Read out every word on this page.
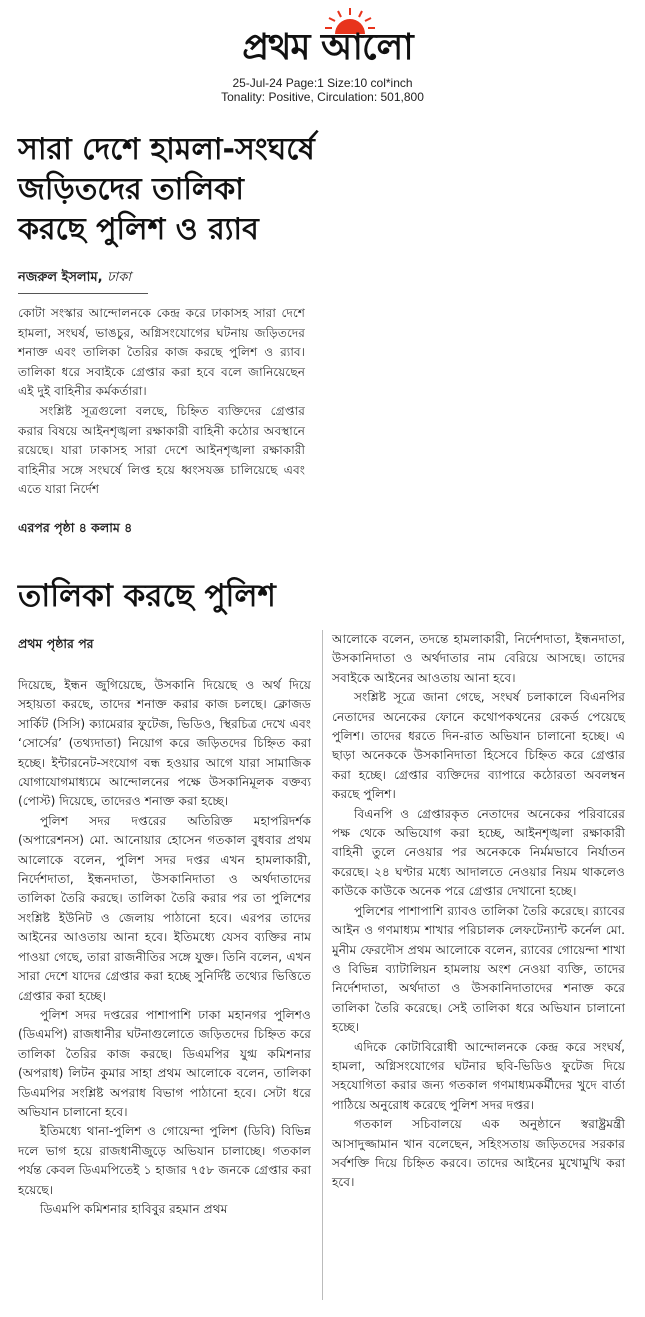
প্রথম আলো
25-Jul-24 Page:1 Size:10 col*inch
Tonality: Positive, Circulation: 501,800
সারা দেশে হামলা-সংঘর্ষে জড়িতদের তালিকা করছে পুলিশ ও র‍্যাব
নজরুল ইসলাম, ঢাকা

কোটা সংস্কার আন্দোলনকে কেন্দ্র করে ঢাকাসহ সারা দেশে হামলা, সংঘর্ষ, ভাঙচুর, অগ্নিসংযোগের ঘটনায় জড়িতদের শনাক্ত এবং তালিকা তৈরির কাজ করছে পুলিশ ও র‍্যাব। তালিকা ধরে সবাইকে গ্রেপ্তার করা হবে বলে জানিয়েছেন এই দুই বাহিনীর কর্মকর্তারা।

সংশ্লিষ্ট সূত্রগুলো বলছে, চিহ্নিত ব্যক্তিদের গ্রেপ্তার করার বিষয়ে আইনশৃঙ্খলা রক্ষাকারী বাহিনী কঠোর অবস্থানে রয়েছে। যারা ঢাকাসহ সারা দেশে আইনশৃঙ্খলা রক্ষাকারী বাহিনীর সঙ্গে সংঘর্ষে লিপ্ত হয়ে ধ্বংসযজ্ঞ চালিয়েছে এবং এতে যারা নির্দেশ

এরপর পৃষ্ঠা ৪ কলাম ৪
তালিকা করছে পুলিশ
প্রথম পৃষ্ঠার পর

দিয়েছে, ইন্ধন জুগিয়েছে, উসকানি দিয়েছে ও অর্থ দিয়ে সহায়তা করছে, তাদের শনাক্ত করার কাজ চলছে। ক্লোজড সার্কিট (সিসি) ক্যামেরার ফুটেজ, ভিডিও, স্থিরচিত্র দেখে এবং ‘সোর্সের’ (তথ্যদাতা) নিয়োগ করে জড়িতদের চিহ্নিত করা হচ্ছে। ইন্টারনেট-সংযোগ বন্ধ হওয়ার আগে যারা সামাজিক যোগাযোগমাধ্যমে আন্দোলনের পক্ষে উসকানিমূলক বক্তব্য (পোস্ট) দিয়েছে, তাদেরও শনাক্ত করা হচ্ছে।

পুলিশ সদর দপ্তরের অতিরিক্ত মহাপরিদর্শক (অপারেশনস) মো. আনোয়ার হোসেন গতকাল বুধবার প্রথম আলোকে বলেন, পুলিশ সদর দপ্তর এখন হামলাকারী, নির্দেশদাতা, ইন্ধনদাতা, উসকানিদাতা ও অর্থদাতাদের তালিকা তৈরি করছে। তালিকা তৈরি করার পর তা পুলিশের সংশ্লিষ্ট ইউনিট ও জেলায় পাঠানো হবে। এরপর তাদের আইনের আওতায় আনা হবে। ইতিমধ্যে যেসব ব্যক্তির নাম পাওয়া গেছে, তারা রাজনীতির সঙ্গে যুক্ত। তিনি বলেন, এখন সারা দেশে যাদের গ্রেপ্তার করা হচ্ছে সুনির্দিষ্ট তথ্যের ভিত্তিতে গ্রেপ্তার করা হচ্ছে।

পুলিশ সদর দপ্তরের পাশাপাশি ঢাকা মহানগর পুলিশও (ডিএমপি) রাজধানীর ঘটনাগুলোতে জড়িতদের চিহ্নিত করে তালিকা তৈরির কাজ করছে। ডিএমপির যুগ্ম কমিশনার (অপরাধ) লিটন কুমার সাহা প্রথম আলোকে বলেন, তালিকা ডিএমপির সংশ্লিষ্ট অপরাধ বিভাগ পাঠানো হবে। সেটা ধরে অভিযান চালানো হবে।

ইতিমধ্যে থানা-পুলিশ ও গোয়েন্দা পুলিশ (ডিবি) বিভিন্ন দলে ভাগ হয়ে রাজধানীজুড়ে অভিযান চালাচ্ছে। গতকাল পর্যন্ত কেবল ডিএমপিতেই ১ হাজার ৭৫৮ জনকে গ্রেপ্তার করা হয়েছে।

ডিএমপি কমিশনার হাবিবুর রহমান প্রথম

আলোকে বলেন, তদন্তে হামলাকারী, নির্দেশদাতা, ইন্ধনদাতা, উসকানিদাতা ও অর্থদাতার নাম বেরিয়ে আসছে। তাদের সবাইকে আইনের আওতায় আনা হবে।

সংশ্লিষ্ট সূত্রে জানা গেছে, সংঘর্ষ চলাকালে বিএনপির নেতাদের অনেকের ফোনে কথোপকথনের রেকর্ড পেয়েছে পুলিশ। তাদের ধরতে দিন-রাত অভিযান চালানো হচ্ছে। এ ছাড়া অনেককে উসকানিদাতা হিসেবে চিহ্নিত করে গ্রেপ্তার করা হচ্ছে। গ্রেপ্তার ব্যক্তিদের ব্যাপারে কঠোরতা অবলম্বন করছে পুলিশ।

বিএনপি ও গ্রেপ্তারকৃত নেতাদের অনেকের পরিবারের পক্ষ থেকে অভিযোগ করা হচ্ছে, আইনশৃঙ্খলা রক্ষাকারী বাহিনী তুলে নেওয়ার পর অনেককে নির্মমভাবে নির্যাতন করেছে। ২৪ ঘণ্টার মধ্যে আদালতে নেওয়ার নিয়ম থাকলেও কাউকে কাউকে অনেক পরে গ্রেপ্তার দেখানো হচ্ছে।

পুলিশের পাশাপাশি র‍্যাবও তালিকা তৈরি করেছে। র‍্যাবের আইন ও গণমাধ্যম শাখার পরিচালক লেফটেন্যান্ট কর্নেল মো. মুনীম ফেরদৌস প্রথম আলোকে বলেন, র‍্যাবের গোয়েন্দা শাখা ও বিভিন্ন ব্যাটালিয়ন হামলায় অংশ নেওয়া ব্যক্তি, তাদের নির্দেশদাতা, অর্থদাতা ও উসকানিদাতাদের শনাক্ত করে তালিকা তৈরি করেছে। সেই তালিকা ধরে অভিযান চালানো হচ্ছে।

এদিকে কোটাবিরোধী আন্দোলনকে কেন্দ্র করে সংঘর্ষ, হামলা, অগ্নিসংযোগের ঘটনার ছবি-ভিডিও ফুটেজ দিয়ে সহযোগিতা করার জন্য গতকাল গণমাধ্যমকর্মীদের খুদে বার্তা পাঠিয়ে অনুরোধ করেছে পুলিশ সদর দপ্তর।

গতকাল সচিবালয়ে এক অনুষ্ঠানে স্বরাষ্ট্রমন্ত্রী আসাদুজ্জামান খান বলেছেন, সহিংসতায় জড়িতদের সরকার সর্বশক্তি দিয়ে চিহ্নিত করবে। তাদের আইনের মুখোমুখি করা হবে।
